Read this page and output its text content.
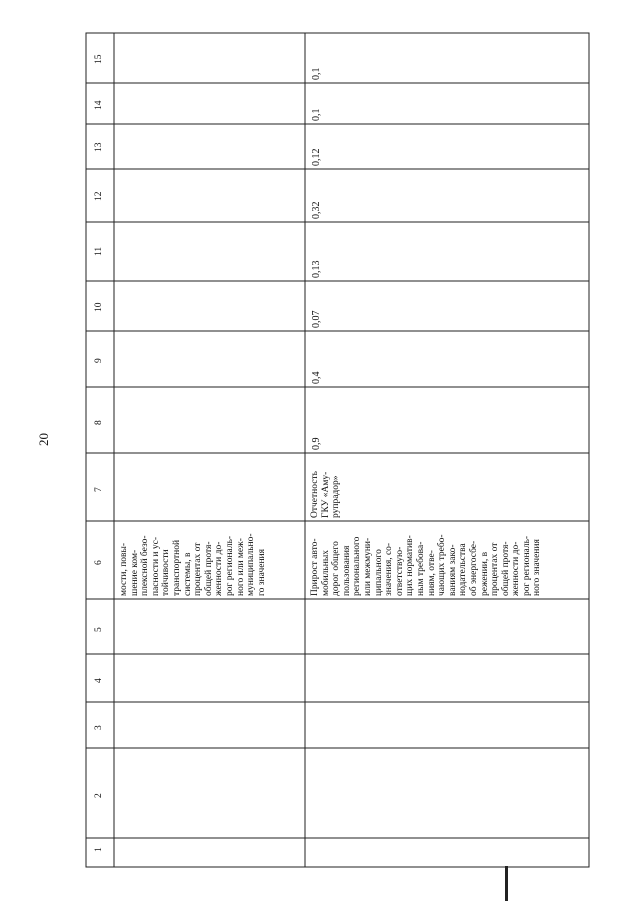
20
1
2
3
4
5
6
7
8
9
10
11
12
13
14
15
мости, повы-
шение ком-
плексной безо-
пасности и ус-
тойчивости
транспортной
системы, в
процентах от
общей протя-
женности до-
рог региональ-
ного или меж-
муниципально-
го значения	Прирост авто-
мобильных
дорог общего
пользования
регионального
или межмуни-
ципального
значения, со-
ответствую-
щих норматив-
ным требова-
ниям, отве-
чающих требо-
ваниям зако-
нодательства
об энергосбе-
режении, в
процентах от
общей протя-
женности до-
рог региональ-
ного значения
Отчетность
ГКУ «Аму-
рупрадор»
0,9
0,4
0,07
0,13
0,32
0,12
0,1
0,1
